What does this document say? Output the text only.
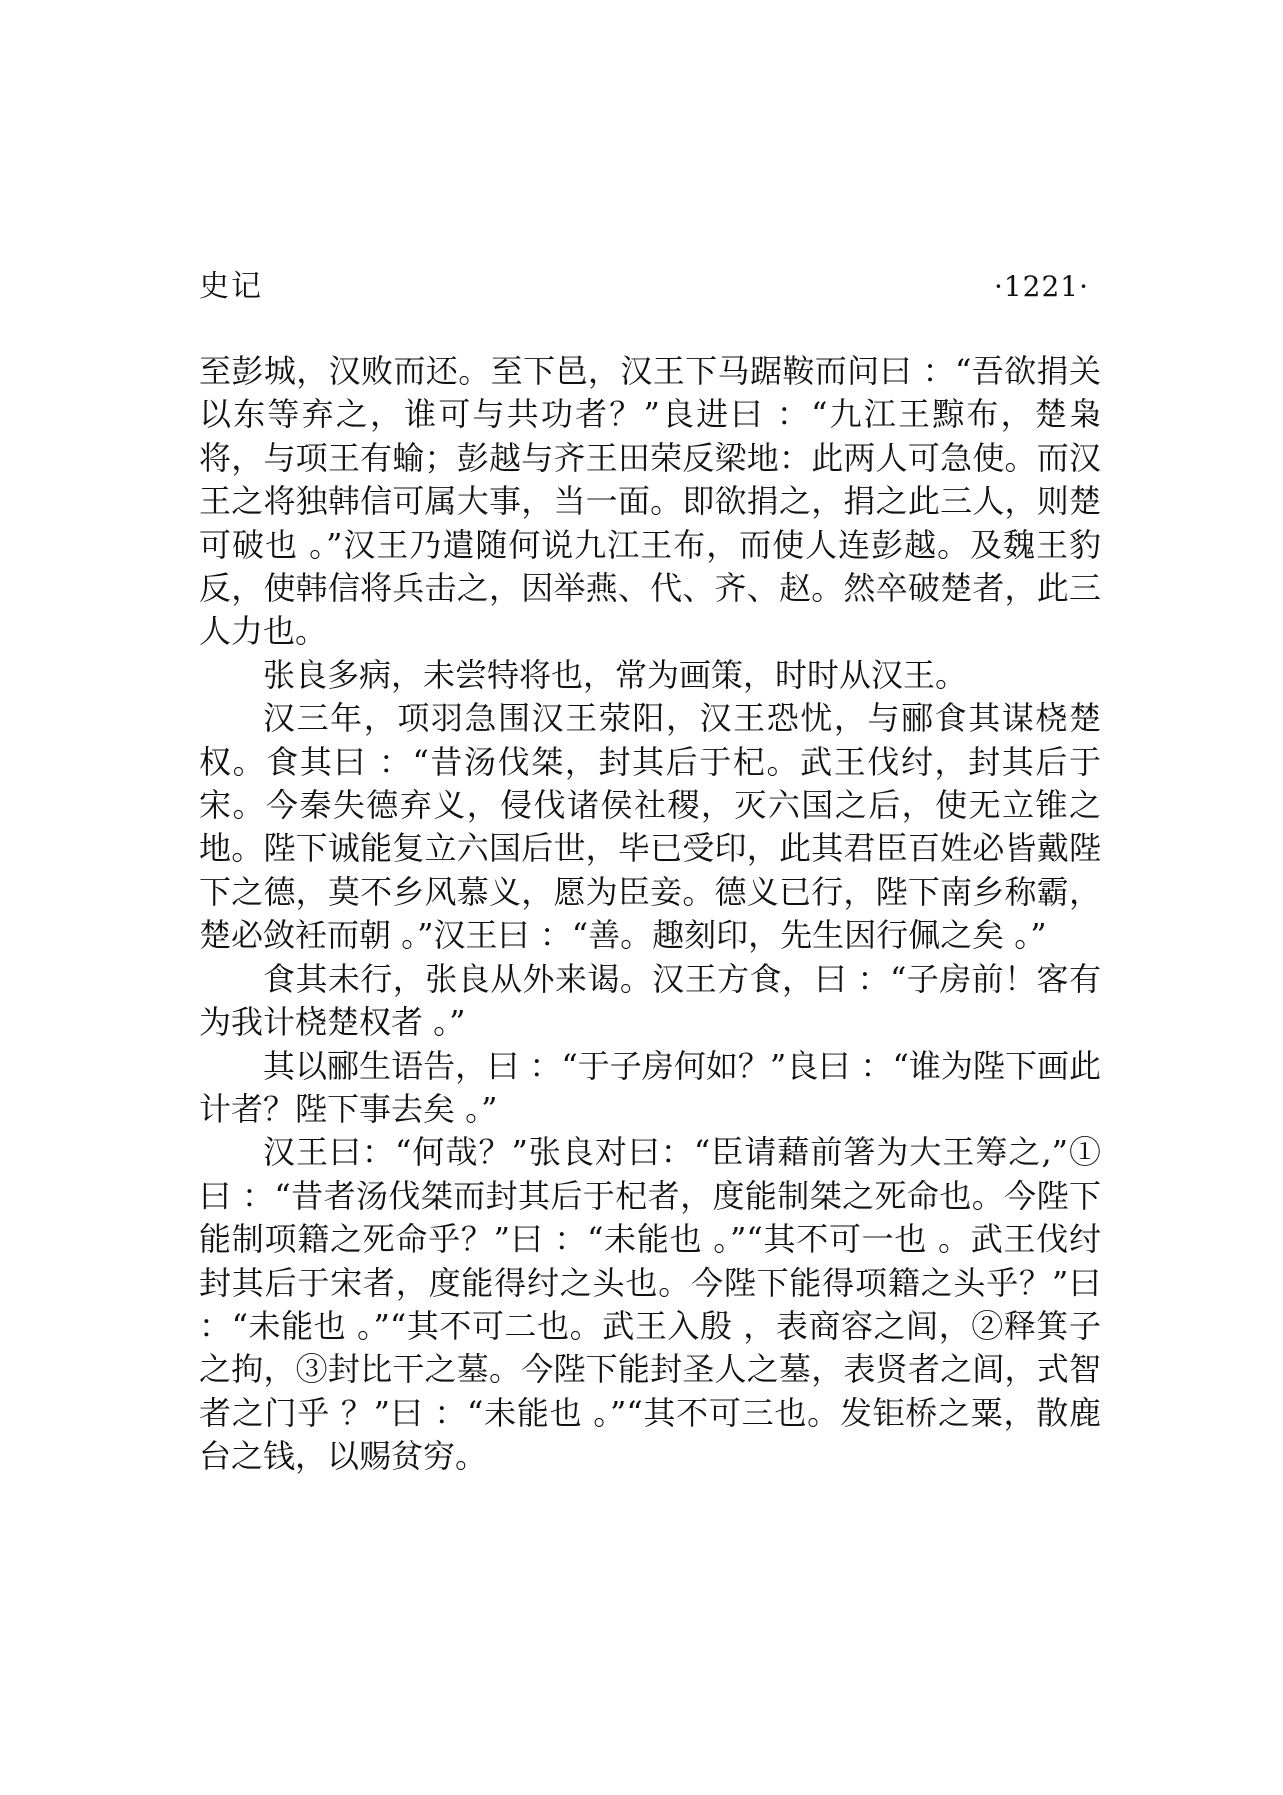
史记	·1221·

至彭城，汉败而还。至下邑，汉王下马踞鞍而问曰 ：“吾欲捐关以东等弃之，谁可与共功者？”良进曰 ：“九江王黥布，楚枭将，与项王有蝓；彭越与齐王田荣反梁地：此两人可急使。而汉王之将独韩信可属大事，当一面。即欲捐之，捐之此三人，则楚可破也 。”汉王乃遣随何说九江王布，而使人连彭越。及魏王豹反，使韩信将兵击之，因举燕、代、齐、赵。然卒破楚者，此三人力也。

张良多病，未尝特将也，常为画策，时时从汉王。

汉三年，项羽急围汉王荥阳，汉王恐忧，与郦食其谋桡楚权。食其曰 ：“昔汤伐桀，封其后于杞。武王伐纣，封其后于宋。今秦失德弃义，侵伐诸侯社稷，灭六国之后，使无立锥之地。陛下诚能复立六国后世，毕已受印，此其君臣百姓必皆戴陛下之德，莫不乡风慕义，愿为臣妾。德义已行，陛下南乡称霸，楚必敛衽而朝 。”汉王曰 ：“善。趣刻印，先生因行佩之矣 。”

食其未行，张良从外来谒。汉王方食，曰 ：“子房前！客有为我计桡楚权者 。”

其以郦生语告，曰 ：“于子房何如？”良曰 ：“谁为陛下画此计者？陛下事去矣 。”

汉王曰：“何哉？”张良对曰：“臣请藉前箸为大王筹之,”①曰 ：“昔者汤伐桀而封其后于杞者，度能制桀之死命也。今陛下能制项籍之死命乎？”曰 ：“未能也 。”“其不可一也 。武王伐纣封其后于宋者，度能得纣之头也。今陛下能得项籍之头乎？”曰 ：“未能也 。”“其不可二也。武王入殷 ，表商容之闾，②释箕子之拘，③封比干之墓。今陛下能封圣人之墓，表贤者之闾，式智者之门乎 ？”曰 ：“未能也 。”“其不可三也。发钜桥之粟，散鹿台之钱，以赐贫穷。
